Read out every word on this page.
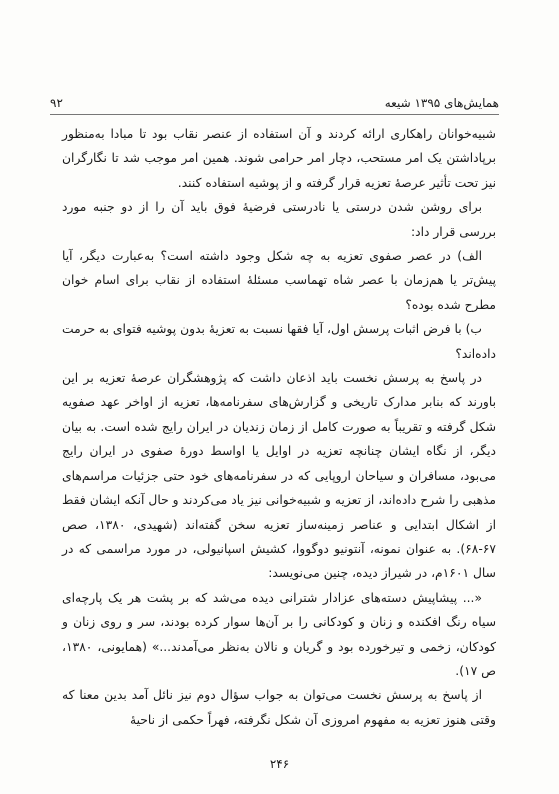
همایش‌های ۱۳۹۵ شیعه
۹۲

شبیه‌خوانان راهکاری ارائه کردند و آن استفاده از عنصر نقاب بود تا مبادا به‌منظور برپاداشتن یک امر مستحب، دچار امر حرامی شوند. همین امر موجب شد تا نگارگران نیز تحت تأثیر عرصهٔ تعزیه قرار گرفته و از پوشیه استفاده کنند.

برای روشن شدن درستی یا نادرستی فرضیهٔ فوق باید آن را از دو جنبه مورد بررسی قرار داد:

الف) در عصر صفوی تعزیه به چه شکل وجود داشته است؟ به‌عبارت دیگر، آیا پیش‌تر یا هم‌زمان با عصر شاه تهماسب مسئلهٔ استفاده از نقاب برای اسام خوان مطرح شده بوده؟

ب) با فرض اثبات پرسش اول، آیا فقها نسبت به تعزیهٔ بدون پوشیه فتوای به حرمت داده‌اند؟

در پاسخ به پرسش نخست باید اذعان داشت که پژوهشگران عرصهٔ تعزیه بر این باورند که بنابر مدارک تاریخی و گزارش‌های سفرنامه‌ها، تعزیه از اواخر عهد صفویه شکل گرفته و تقریباً به صورت کامل از زمان زندیان در ایران رایج شده است. به بیان دیگر، از نگاه ایشان چنانچه تعزیه در اوایل یا اواسط دورهٔ صفوی در ایران رایج می‌بود، مسافران و سیاحان اروپایی که در سفرنامه‌های خود حتی جزئیات مراسم‌های مذهبی را شرح داده‌اند، از تعزیه و شبیه‌خوانی نیز یاد می‌کردند و حال آنکه ایشان فقط از اشکال ابتدایی و عناصر زمینه‌ساز تعزیه سخن گفته‌اند (شهیدی، ۱۳۸۰، صص ۶۷-۶۸). به عنوان نمونه، آنتونیو دوگووا، کشیش اسپانیولی، در مورد مراسمی که در سال ۱۶۰۱م، در شیراز دیده، چنین می‌نویسد:

«... پیشاپیش دسته‌های عزادار شترانی دیده می‌شد که بر پشت هر یک پارچه‌ای سیاه رنگ افکنده و زنان و کودکانی را بر آن‌ها سوار کرده بودند، سر و روی زنان و کودکان، زخمی و تیرخورده بود و گریان و نالان به‌نظر می‌آمدند...» (همایونی، ۱۳۸۰، ص ۱۷).

از پاسخ به پرسش نخست می‌توان به جواب سؤال دوم نیز نائل آمد بدین معنا که وقتی هنوز تعزیه به مفهوم امروزی آن شکل نگرفته، فهراً حکمی از ناحیهٔ

۲۴۶
